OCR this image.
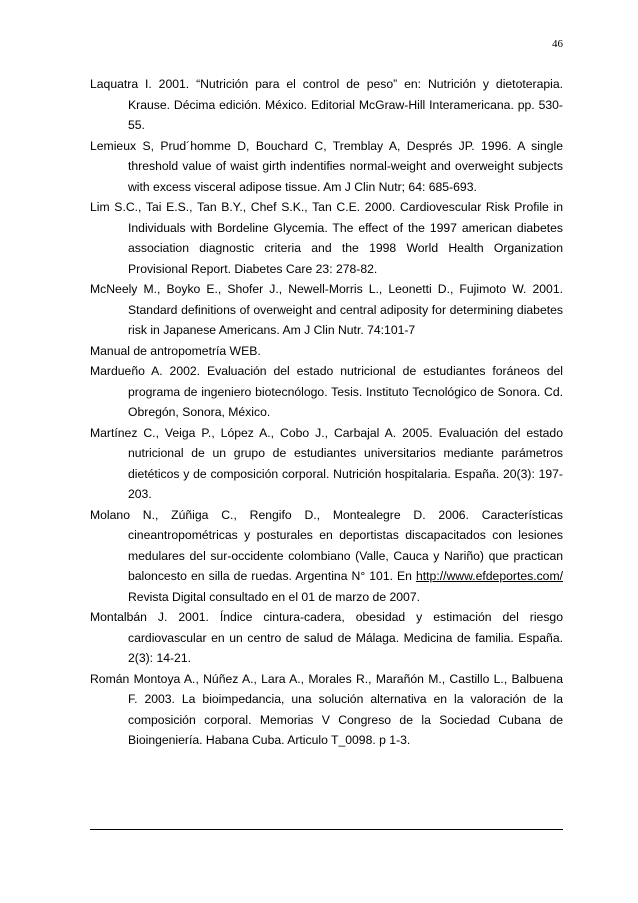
46

Laquatra I. 2001. “Nutrición para el control de peso” en: Nutrición y dietoterapia. Krause. Décima edición. México. Editorial McGraw-Hill Interamericana. pp. 530-55.

Lemieux S, Prud´homme D, Bouchard C, Tremblay A, Després JP. 1996. A single threshold value of waist girth indentifies normal-weight and overweight subjects with excess visceral adipose tissue. Am J Clin Nutr; 64: 685-693.

Lim S.C., Tai E.S., Tan B.Y., Chef S.K., Tan C.E. 2000. Cardiovescular Risk Profile in Individuals with Bordeline Glycemia. The effect of the 1997 american diabetes association diagnostic criteria and the 1998 World Health Organization Provisional Report. Diabetes Care 23: 278-82.

McNeely M., Boyko E., Shofer J., Newell-Morris L., Leonetti D., Fujimoto W. 2001. Standard definitions of overweight and central adiposity for determining diabetes risk in Japanese Americans. Am J Clin Nutr. 74:101-7

Manual de antropometría WEB.

Mardueño A. 2002. Evaluación del estado nutricional de estudiantes foráneos del programa de ingeniero biotecnólogo. Tesis. Instituto Tecnológico de Sonora. Cd. Obregón, Sonora, México.

Martínez C., Veiga P., López A., Cobo J., Carbajal A. 2005. Evaluación del estado nutricional de un grupo de estudiantes universitarios mediante parámetros dietéticos y de composición corporal. Nutrición hospitalaria. España. 20(3): 197-203.

Molano N., Zúñiga C., Rengifo D., Montealegre D. 2006. Características cineantropométricas y posturales en deportistas discapacitados con lesiones medulares del sur-occidente colombiano (Valle, Cauca y Nariño) que practican baloncesto en silla de ruedas. Argentina N° 101. En http://www.efdeportes.com/ Revista Digital consultado en el 01 de marzo de 2007.

Montalbán J. 2001. Índice cintura-cadera, obesidad y estimación del riesgo cardiovascular en un centro de salud de Málaga. Medicina de familia. España. 2(3): 14-21.

Román Montoya A., Núñez A., Lara A., Morales R., Marañón M., Castillo L., Balbuena F. 2003. La bioimpedancia, una solución alternativa en la valoración de la composición corporal. Memorias V Congreso de la Sociedad Cubana de Bioingeniería. Habana Cuba. Articulo T_0098. p 1-3.
